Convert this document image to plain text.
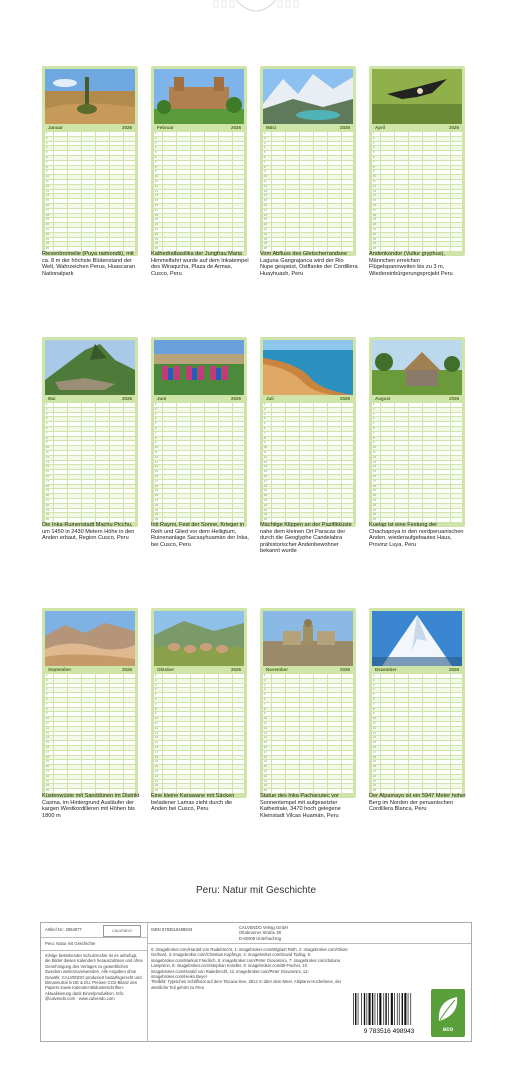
Januar	2026
1
2
3
4
5
6
7
8
9
10
11
12
13
14
15
16
17
18
19
20
21
22
23
24
25
Riesenbromelie (Puya raimondii), mit ca. 8 m der höchste Blütenstand der Welt, Wahrzeichen Perus, Huascaran Nationalpark
Februar	2026
1
2
3
4
5
6
7
8
9
10
11
12
13
14
15
16
17
18
19
20
21
22
23
24
25
Kathedralbasilika der Jungfrau Maria Himmelfahrt wurde auf dem Inkatempel des Wiraqucha, Plaza de Armas, Cusco, Peru
März	2026
1
2
3
4
5
6
7
8
9
10
11
12
13
14
15
16
17
18
19
20
21
22
23
24
25
Vom Abfluss des Gletscherrandsee Laguna Gangrajanca wird der Rio Nupe gespeist, Ostflanke der Cordillera Huayhuash, Peru
April	2026
1
2
3
4
5
6
7
8
9
10
11
12
13
14
15
16
17
18
19
20
21
22
23
24
25
Andenkondor (Vultur gryphus), Männchen erreichen Flügelspannweiten bis zu 3 m, Wiedereinbürgerungsprojekt Peru
Mai	2026
1
2
3
4
5
6
7
8
9
10
11
12
13
14
15
16
17
18
19
20
21
22
23
24
25
Die Inka-Ruinenstadt Machu Picchu, um 1450 in 2430 Metern Höhe in den Anden erbaut, Region Cusco, Peru
Juni	2026
1
2
3
4
5
6
7
8
9
10
11
12
13
14
15
16
17
18
19
20
21
22
23
24
25
Inti Raymi, Fest der Sonne, Krieger in Reih und Glied vor dem Heiligtum, Ruinenanlage Sacsayhuamán der Inka, bei Cusco, Peru
Juli	2026
1
2
3
4
5
6
7
8
9
10
11
12
13
14
15
16
17
18
19
20
21
22
23
24
25
Mächtige Klippen an der Pazifikküste nahe dem kleinen Ort Paracas der durch die Geoglyphe Candelabra prähistorischer Andenbewohner bekannt wurde
August	2026
1
2
3
4
5
6
7
8
9
10
11
12
13
14
15
16
17
18
19
20
21
22
23
24
25
Kuelap ist eine Festung der Chachapoya in den nordperuanischen Anden, wiederaufgebautes Haus, Provinz Luya, Peru
September	2026
1
2
3
4
5
6
7
8
9
10
11
12
13
14
15
16
17
18
19
20
21
22
23
24
25
Küstenwüste mit Sanddünen im Distrikt Casma, im Hintergrund Ausläufer der kargen Westkordilleren mit Höhen bis 1800 m
Oktober	2026
1
2
3
4
5
6
7
8
9
10
11
12
13
14
15
16
17
18
19
20
21
22
23
24
25
Eine kleine Karawane mit Säcken beladener Lamas zieht durch die Anden bei Cusco, Peru
November	2026
1
2
3
4
5
6
7
8
9
10
11
12
13
14
15
16
17
18
19
20
21
22
23
24
25
Statue des Inka Pachacutec vor Sonnentempel mit aufgesetzter Kathedrale, 3470 hoch gelegene Kleinstadt Vilcas Huamán, Peru
Dezember	2026
1
2
3
4
5
6
7
8
9
10
11
12
13
14
15
16
17
18
19
20
21
22
23
24
25
Der Alpamayo ist ein 5947 Meter hoher Berg im Norden der peruanischen Cordillera Blanca, Peru
Peru: Natur mit Geschichte
Artikel Nr.: 2864977	CALVENDO
Peru: Natur mit Geschichte
Infolge bestehender Schutzrechte ist es unbefugt, die Bilder dieses Kalenders herauszulösen und ohne Genehmigung des Verlages zu gewerblichen Zwecken weiterzuverwenden. Alle Angaben ohne Gewähr. CALVENDO produziert bedarfsgerecht und klimaneutral in DE & EU. Preisen CO2-Bilanz des Papiers sowie Kalender-Bildunterschriften-Aktualisierung dank Einzelproduktion. Info: @calvendo.com · www.calvendo.com
ISBN 9783516498943	CALVENDO Verlag GmbH
Ottobrunner Straße 39
D-82008 Unterhaching
0: imagebroker.com/Harald von Radebrecht, 1: imagebroker.com/Wigbert Röth, 2: imagebroker.com/Oliver Gerhard, 3: imagebroker.com/Christian Kapfmgn, 4: imagebroker.com/David Tipling, 5: imagebroker.com/Markus Friedrich, 6: imagebroker.com/Peter Giovannini, 7: imagebroker.com/Juliana Lamprenn, 8: imagebroker.com/Stephan Knödler, 9: imagebroker.com/Bl-Fischer, 10: imagebroker.com/Harald von Radebrecht, 11: imagebroker.com/Peter Giovannini, 12: imagebroker.com/Heiko Beyer
Titelbild: Typisches Schilfboot auf dem Titicaca-See, 3812 m über dem Meer, Altiplano-Hochebene, der westliche Teil gehört zu Peru
9 783516 498943	eco
